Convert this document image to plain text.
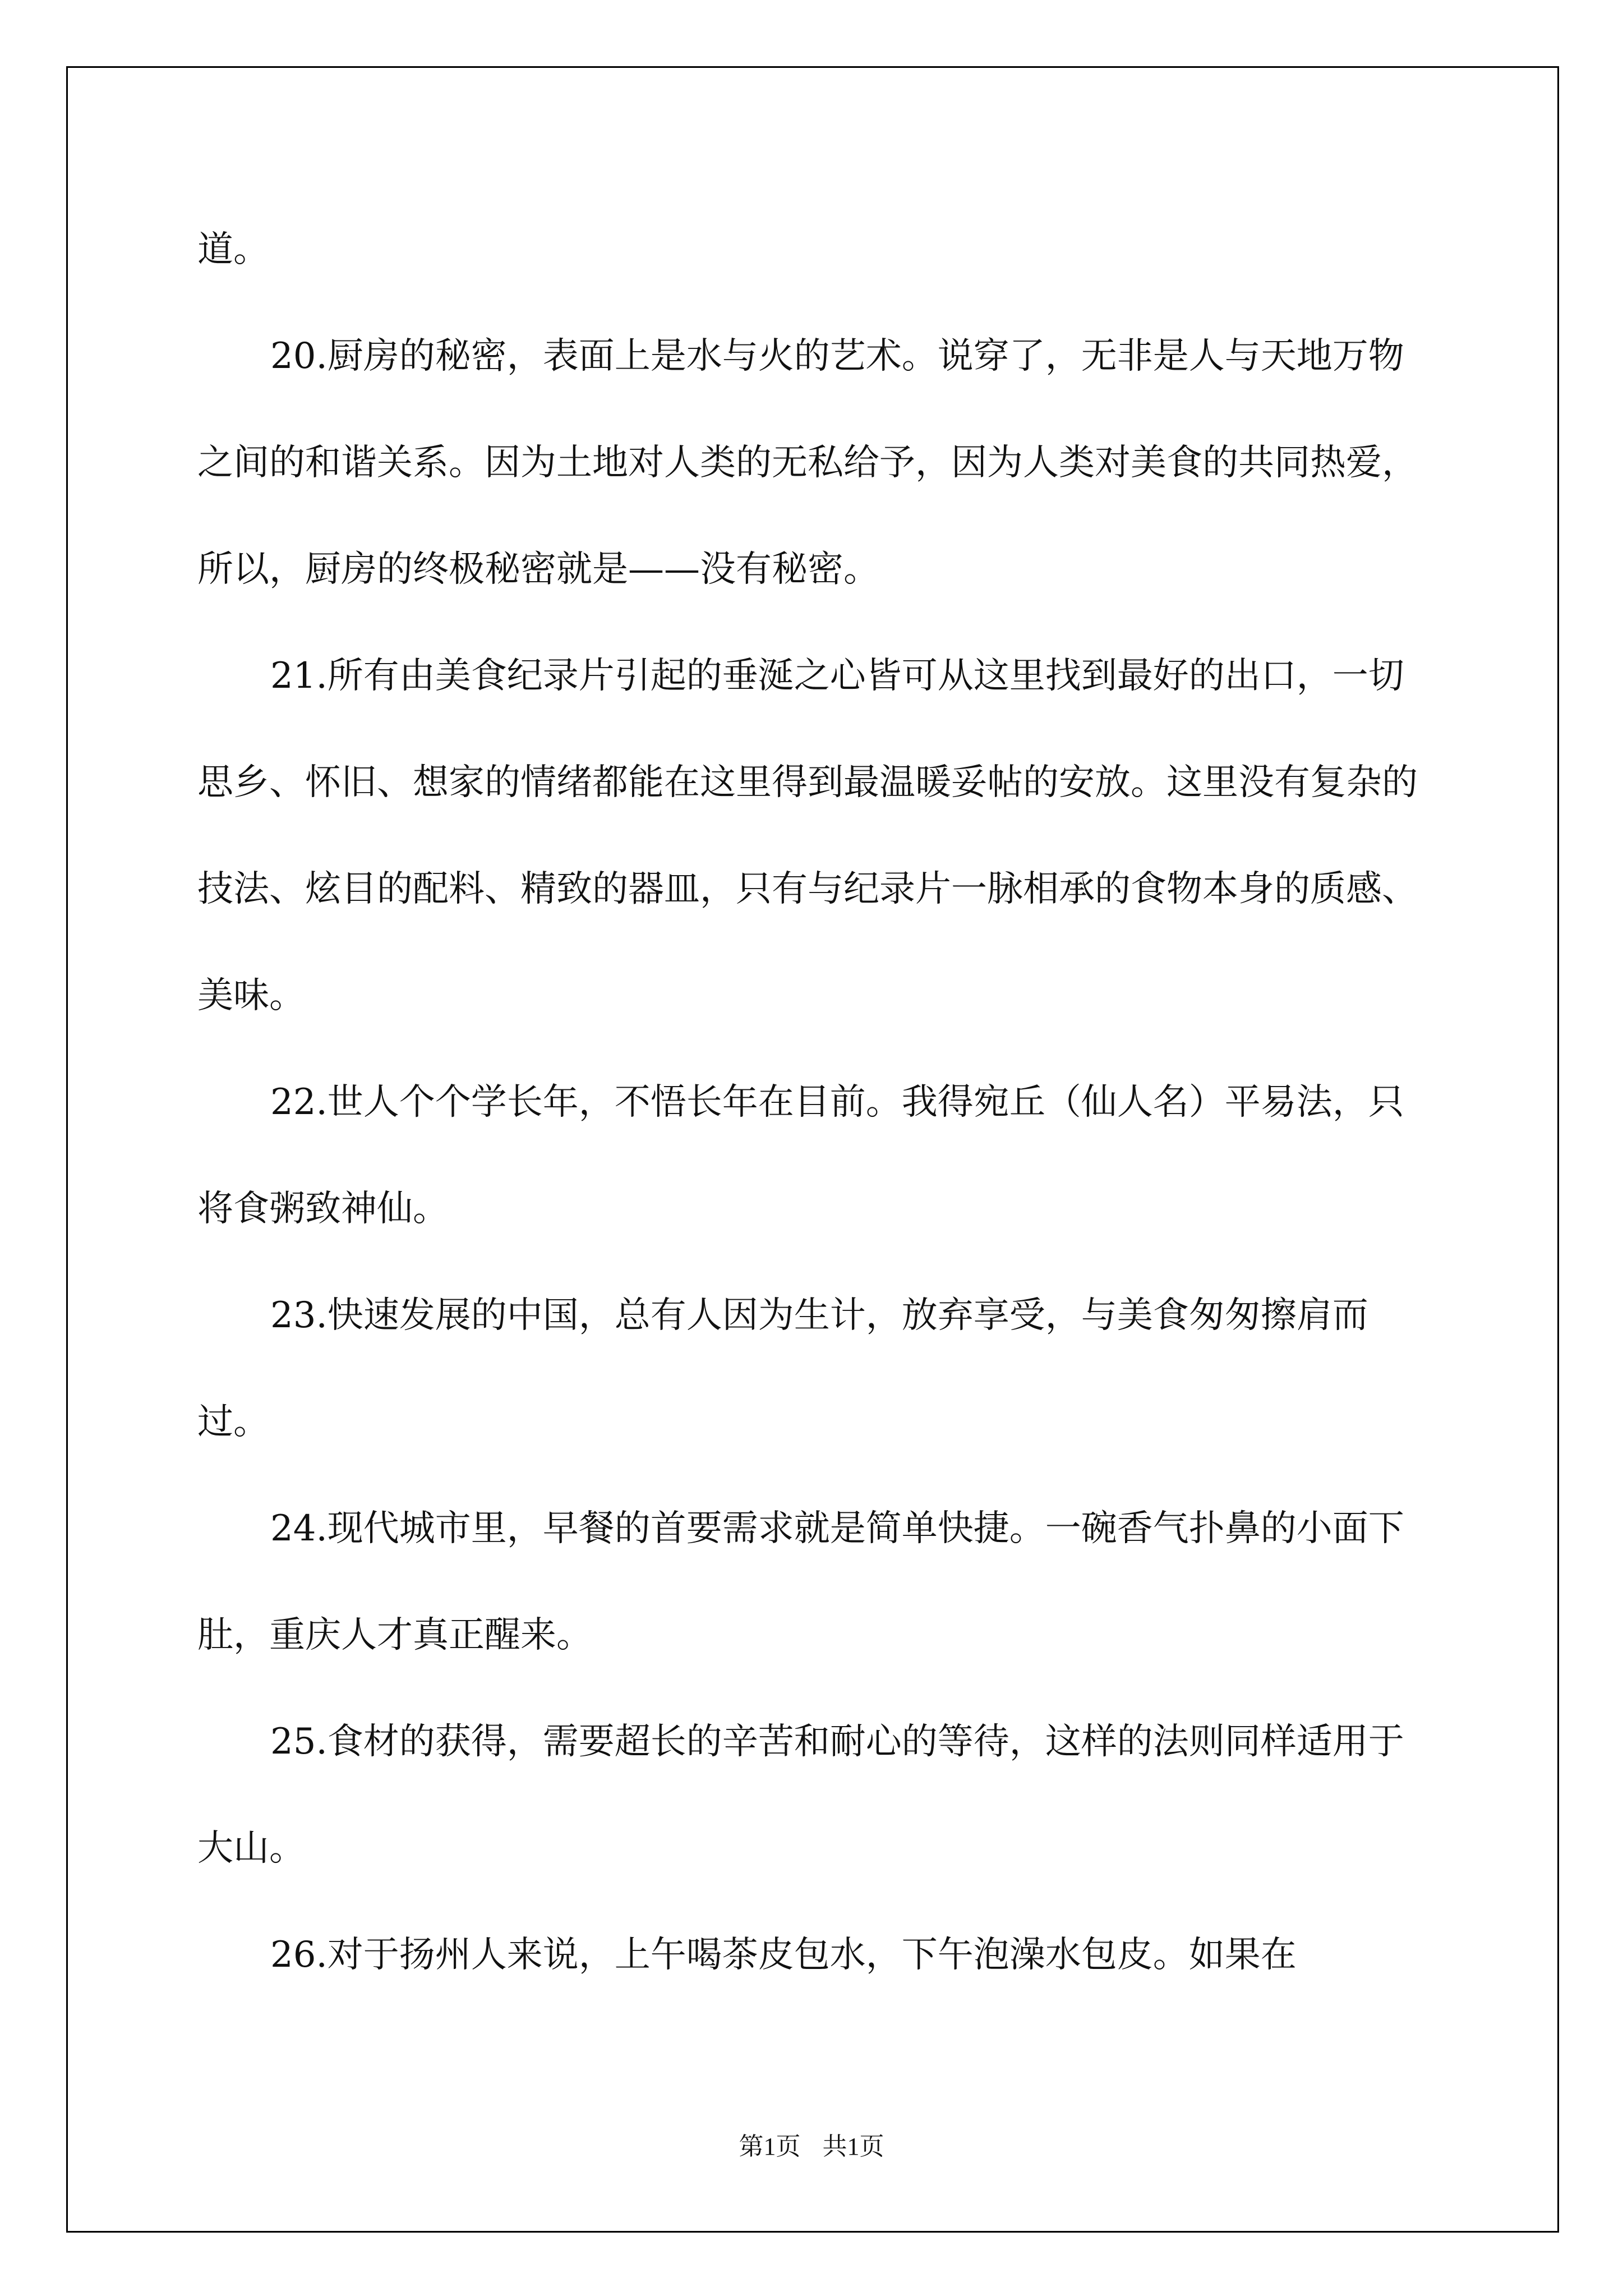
道。

20.厨房的秘密，表面上是水与火的艺术。说穿了，无非是人与天地万物之间的和谐关系。因为土地对人类的无私给予，因为人类对美食的共同热爱，所以，厨房的终极秘密就是——没有秘密。

21.所有由美食纪录片引起的垂涎之心皆可从这里找到最好的出口，一切思乡、怀旧、想家的情绪都能在这里得到最温暖妥帖的安放。这里没有复杂的技法、炫目的配料、精致的器皿，只有与纪录片一脉相承的食物本身的质感、美味。

22.世人个个学长年，不悟长年在目前。我得宛丘（仙人名）平易法，只将食粥致神仙。

23.快速发展的中国，总有人因为生计，放弃享受，与美食匆匆擦肩而过。

24.现代城市里，早餐的首要需求就是简单快捷。一碗香气扑鼻的小面下肚，重庆人才真正醒来。

25.食材的获得，需要超长的辛苦和耐心的等待，这样的法则同样适用于大山。

26.对于扬州人来说，上午喝茶皮包水，下午泡澡水包皮。如果在

第1页 共1页
